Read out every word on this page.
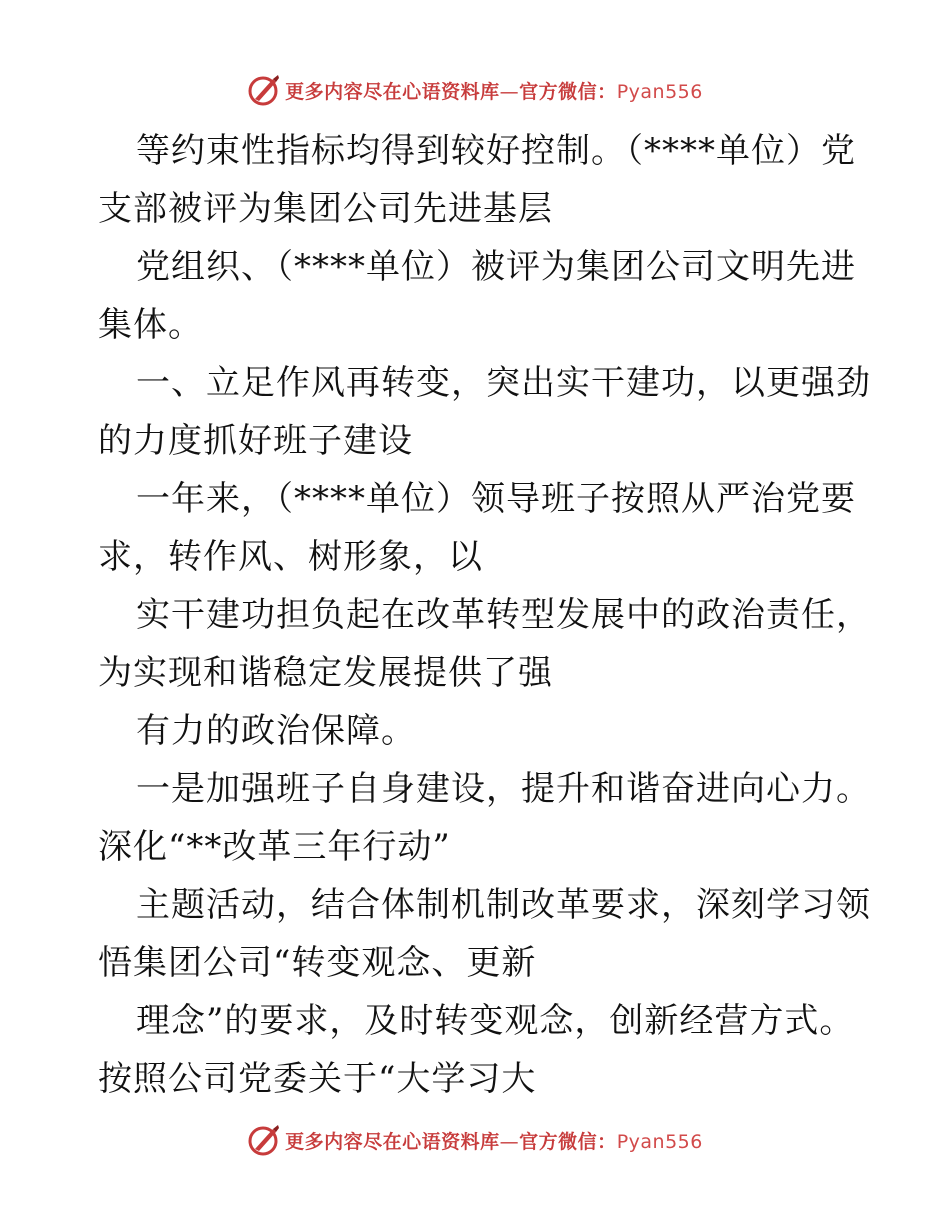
更多内容尽在心语资料库—官方微信：Pyan556
等约束性指标均得到较好控制。（****单位）党
支部被评为集团公司先进基层
党组织、（****单位）被评为集团公司文明先进
集体。
一、立足作风再转变，突出实干建功，以更强劲
的力度抓好班子建设
一年来，（****单位）领导班子按照从严治党要
求，转作风、树形象，以
实干建功担负起在改革转型发展中的政治责任，
为实现和谐稳定发展提供了强
有力的政治保障。
一是加强班子自身建设，提升和谐奋进向心力。
深化“**改革三年行动”
主题活动，结合体制机制改革要求，深刻学习领
悟集团公司“转变观念、更新
理念”的要求，及时转变观念，创新经营方式。
按照公司党委关于“大学习大
更多内容尽在心语资料库—官方微信：Pyan556
